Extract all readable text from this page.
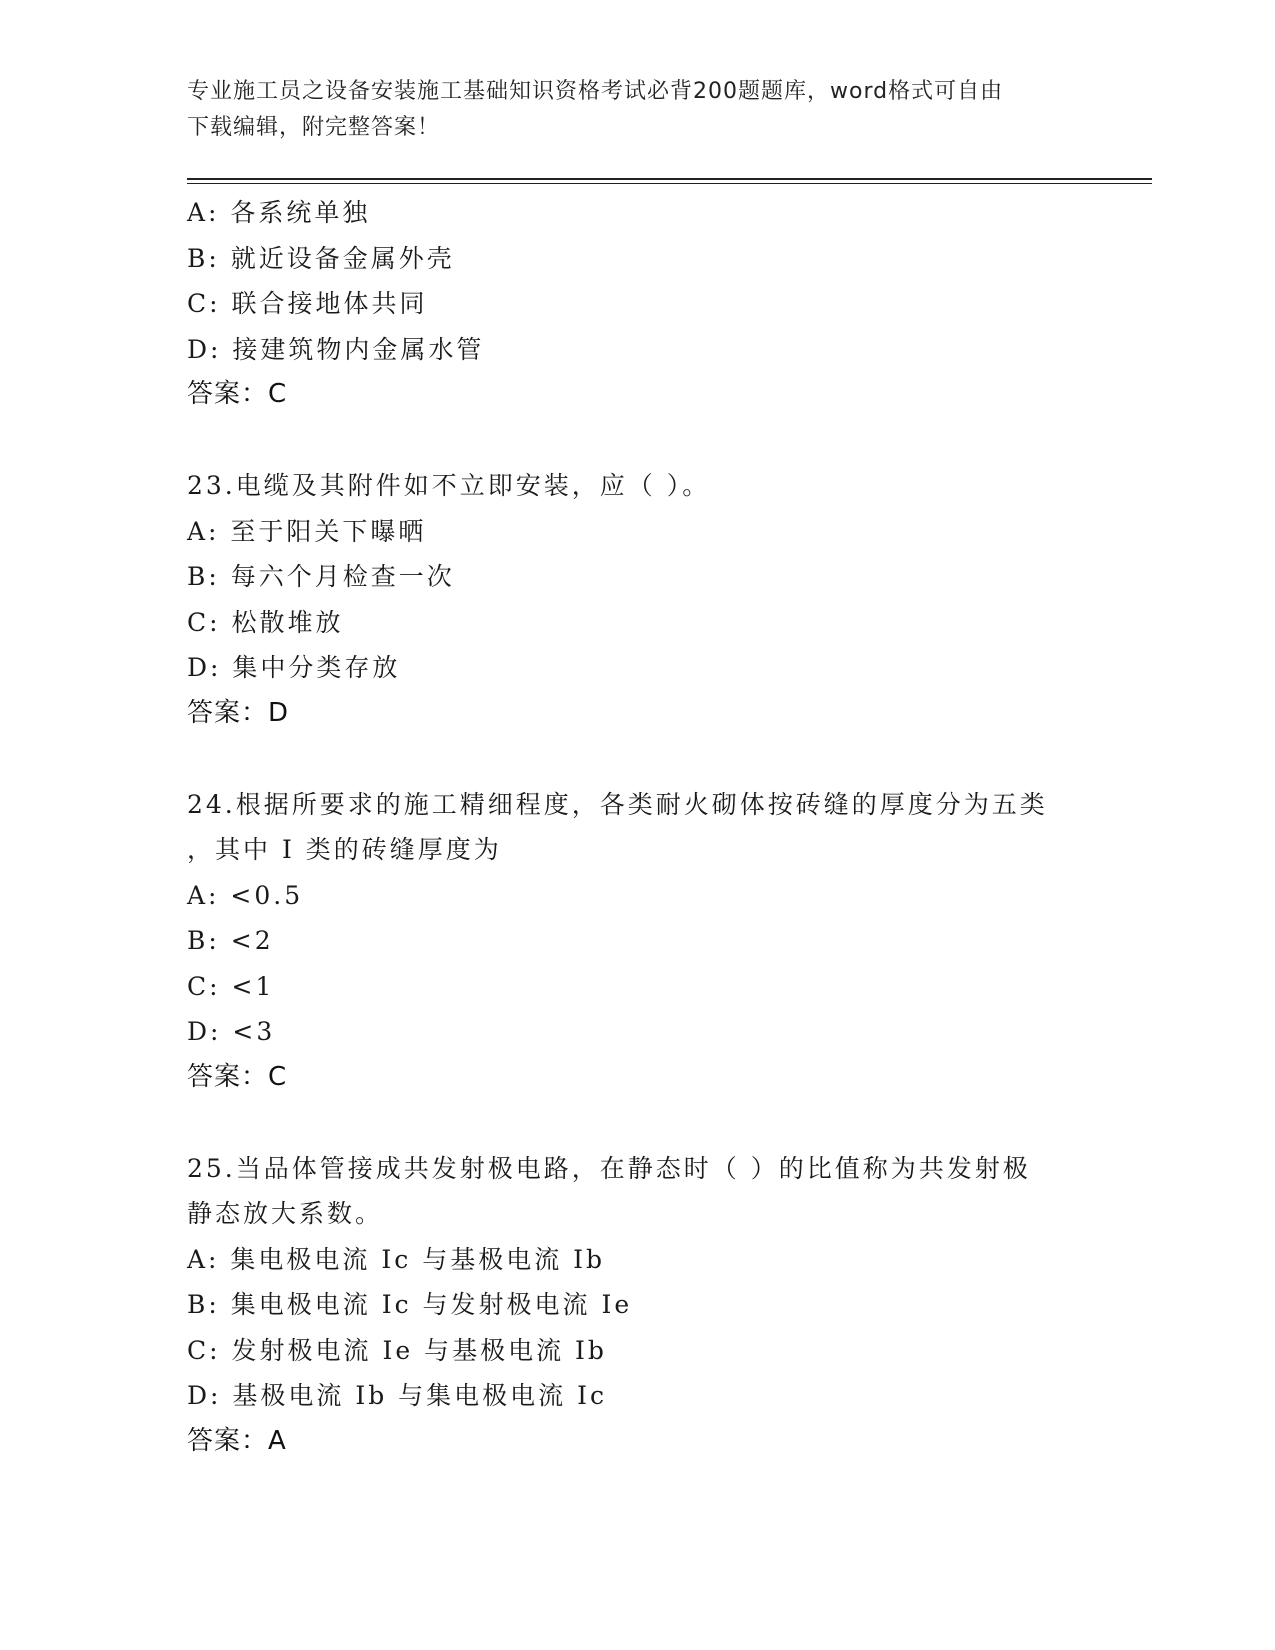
专业施工员之设备安装施工基础知识资格考试必背200题题库，word格式可自由
下载编辑，附完整答案！
A: 各系统单独
B: 就近设备金属外壳
C: 联合接地体共同
D: 接建筑物内金属水管
答案：C
23.电缆及其附件如不立即安装，应（ ）。
A: 至于阳关下曝晒
B: 每六个月检查一次
C: 松散堆放
D: 集中分类存放
答案：D
24.根据所要求的施工精细程度，各类耐火砌体按砖缝的厚度分为五类
，其中 I 类的砖缝厚度为
A: <0.5
B: <2
C: <1
D: <3
答案：C
25.当品体管接成共发射极电路，在静态时（ ）的比值称为共发射极
静态放大系数。
A: 集电极电流 Ic 与基极电流 Ib
B: 集电极电流 Ic 与发射极电流 Ie
C: 发射极电流 Ie 与基极电流 Ib
D: 基极电流 Ib 与集电极电流 Ic
答案：A
